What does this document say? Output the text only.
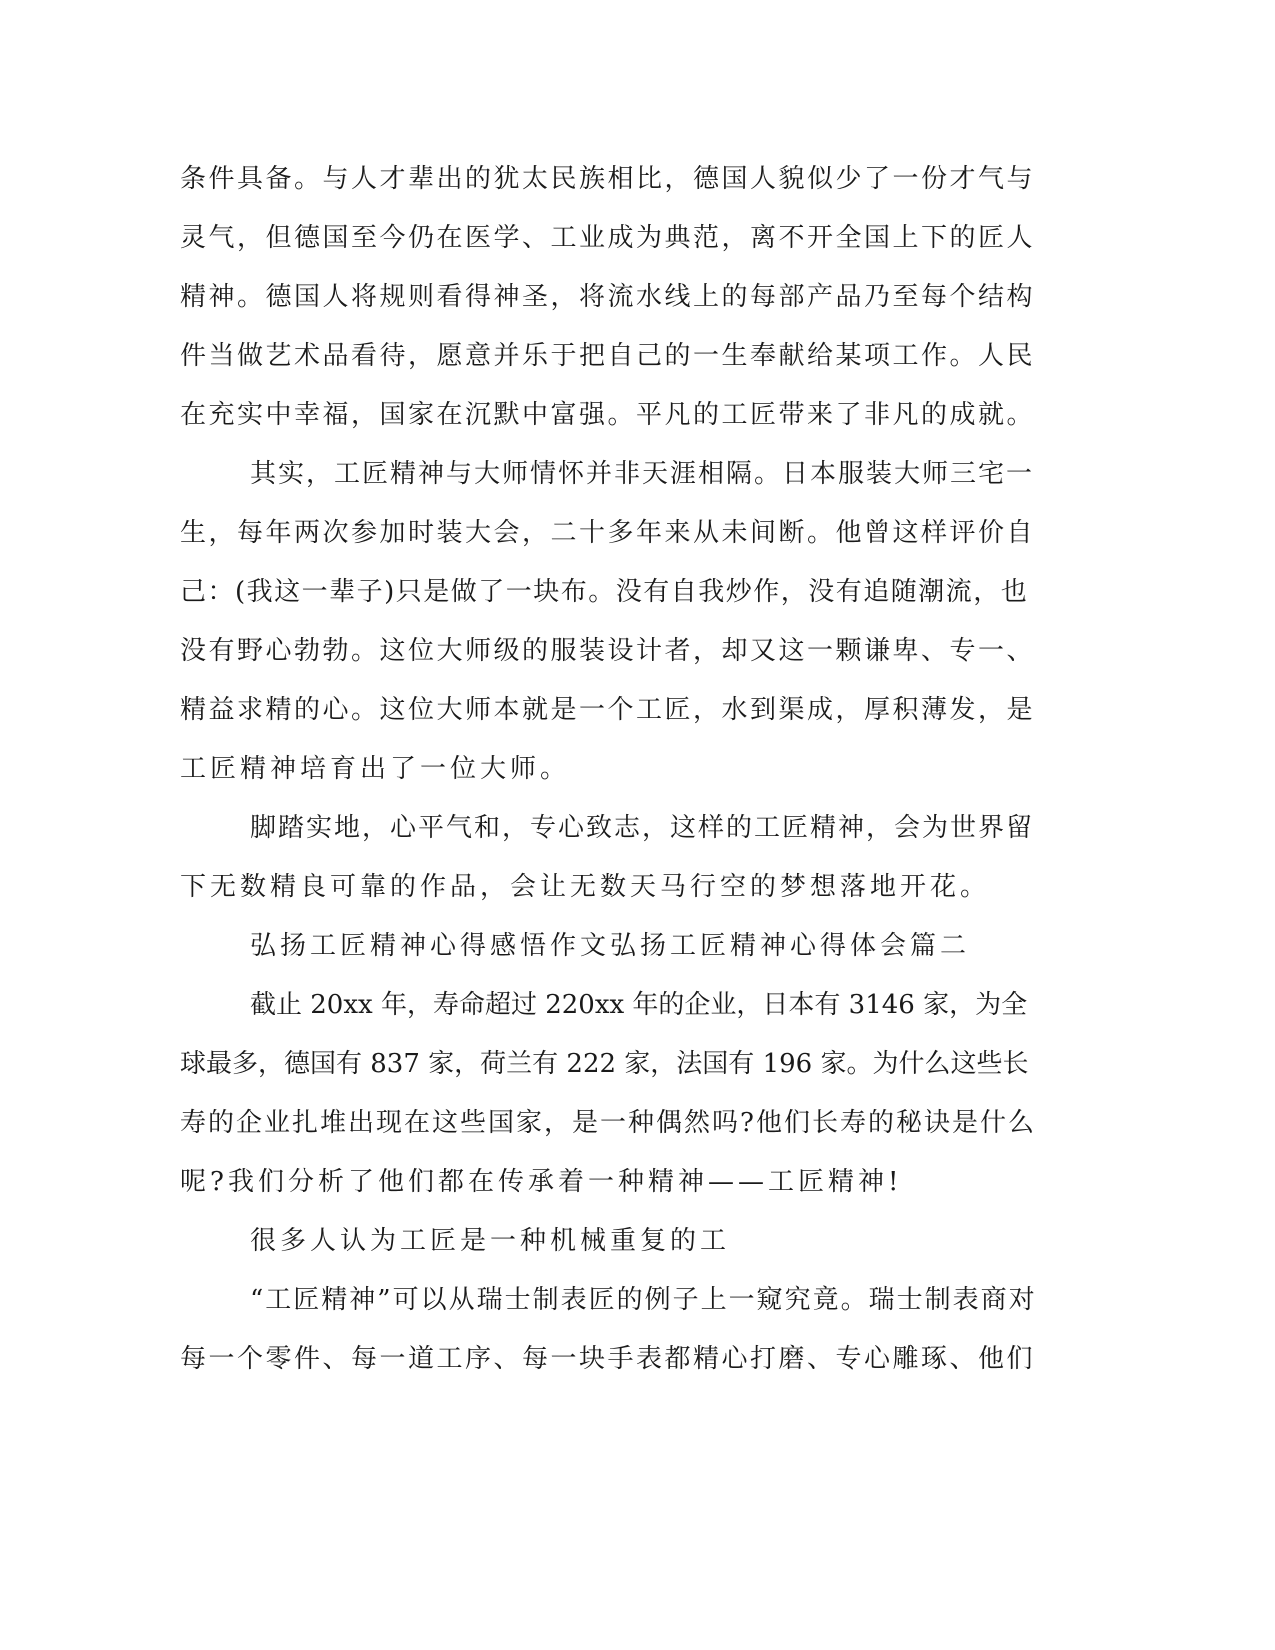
条件具备。与人才辈出的犹太民族相比，德国人貌似少了一份才气与
灵气，但德国至今仍在医学、工业成为典范，离不开全国上下的匠人
精神。德国人将规则看得神圣，将流水线上的每部产品乃至每个结构
件当做艺术品看待，愿意并乐于把自己的一生奉献给某项工作。人民
在充实中幸福，国家在沉默中富强。平凡的工匠带来了非凡的成就。
其实，工匠精神与大师情怀并非天涯相隔。日本服装大师三宅一
生，每年两次参加时装大会，二十多年来从未间断。他曾这样评价自
己：(我这一辈子)只是做了一块布。没有自我炒作，没有追随潮流，也
没有野心勃勃。这位大师级的服装设计者，却又这一颗谦卑、专一、
精益求精的心。这位大师本就是一个工匠，水到渠成，厚积薄发，是
工匠精神培育出了一位大师。
脚踏实地，心平气和，专心致志，这样的工匠精神，会为世界留
下无数精良可靠的作品，会让无数天马行空的梦想落地开花。
弘扬工匠精神心得感悟作文弘扬工匠精神心得体会篇二
截止 20xx 年，寿命超过 220xx 年的企业，日本有 3146 家，为全
球最多，德国有 837 家，荷兰有 222 家，法国有 196 家。为什么这些长
寿的企业扎堆出现在这些国家，是一种偶然吗?他们长寿的秘诀是什么
呢?我们分析了他们都在传承着一种精神——工匠精神!
很多人认为工匠是一种机械重复的工
“工匠精神”可以从瑞士制表匠的例子上一窥究竟。瑞士制表商对
每一个零件、每一道工序、每一块手表都精心打磨、专心雕琢、他们
